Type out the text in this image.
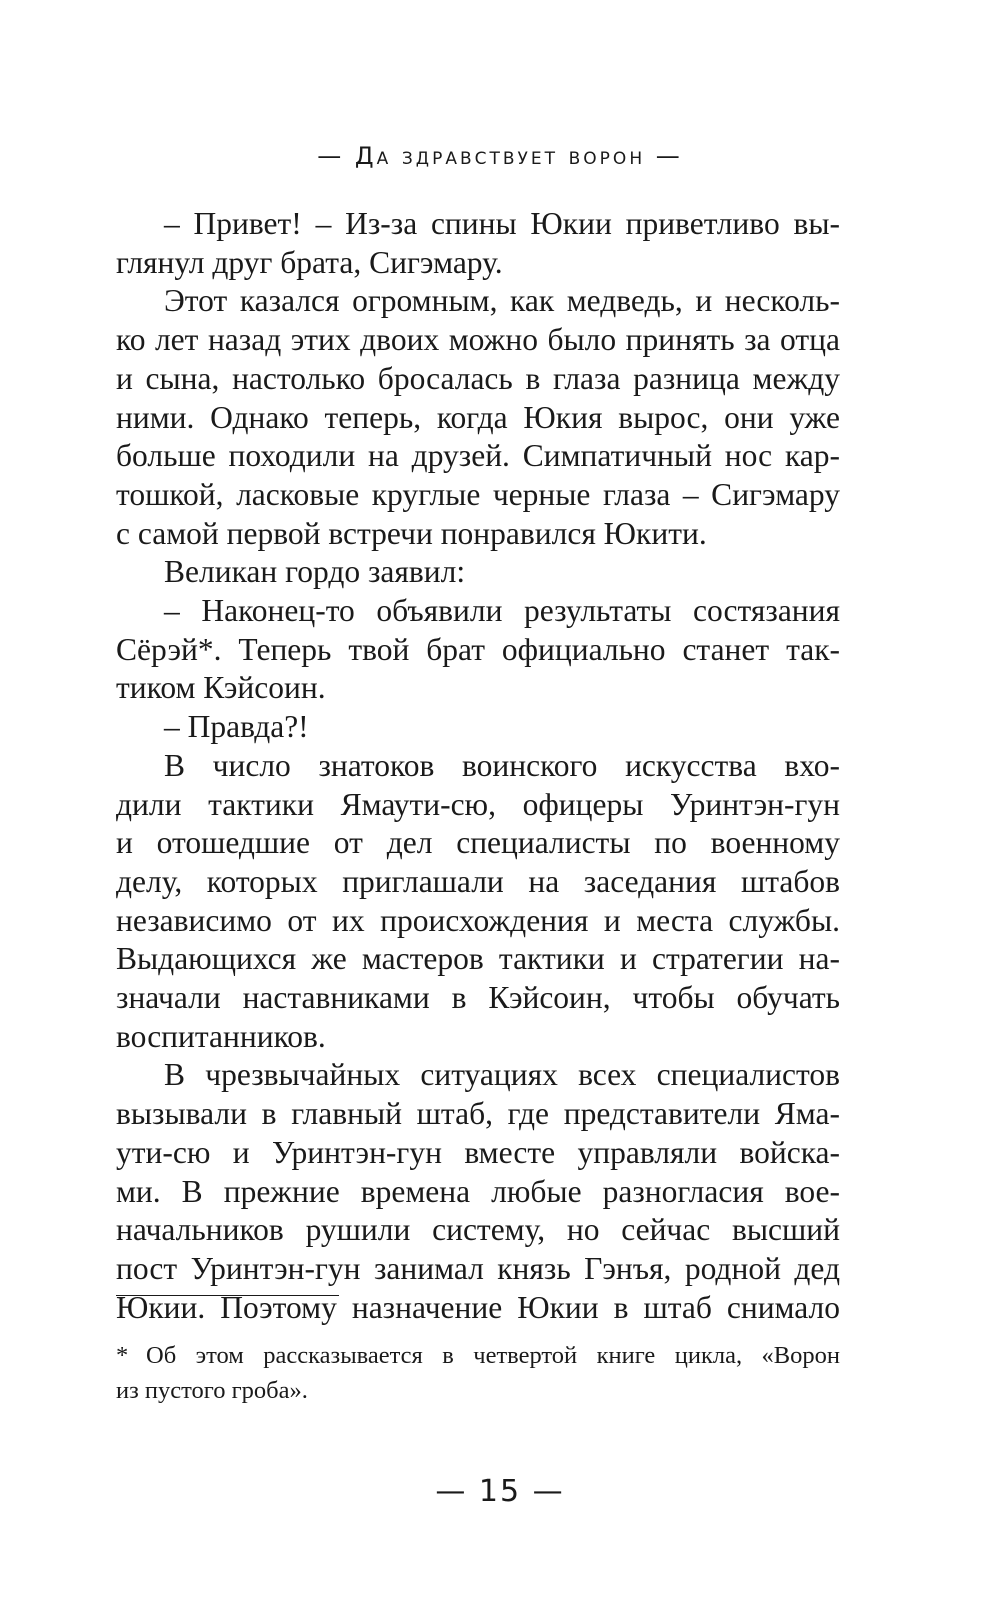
— Да здравствует ворон —
– Привет! – Из-за спины Юкии приветливо вы-
глянул друг брата, Сигэмару.
Этот казался огромным, как медведь, и несколь-
ко лет назад этих двоих можно было принять за отца
и сына, настолько бросалась в глаза разница между
ними. Однако теперь, когда Юкия вырос, они уже
больше походили на друзей. Симпатичный нос кар-
тошкой, ласковые круглые черные глаза – Сигэмару
с самой первой встречи понравился Юкити.
Великан гордо заявил:
– Наконец-то объявили результаты состязания
Сёрэй*. Теперь твой брат официально станет так-
тиком Кэйсоин.
– Правда?!
В число знатоков воинского искусства вхо-
дили тактики Ямаути-сю, офицеры Уринтэн-гун
и отошедшие от дел специалисты по военному
делу, которых приглашали на заседания штабов
независимо от их происхождения и места службы.
Выдающихся же мастеров тактики и стратегии на-
значали наставниками в Кэйсоин, чтобы обучать
воспитанников.
В чрезвычайных ситуациях всех специалистов
вызывали в главный штаб, где представители Яма-
ути-сю и Уринтэн-гун вместе управляли войска-
ми. В прежние времена любые разногласия вое-
начальников рушили систему, но сейчас высший
пост Уринтэн-гун занимал князь Гэнъя, родной дед
Юкии. Поэтому назначение Юкии в штаб снимало
* Об этом рассказывается в четвертой книге цикла, «Ворон
из пустого гроба».
— 15 —
